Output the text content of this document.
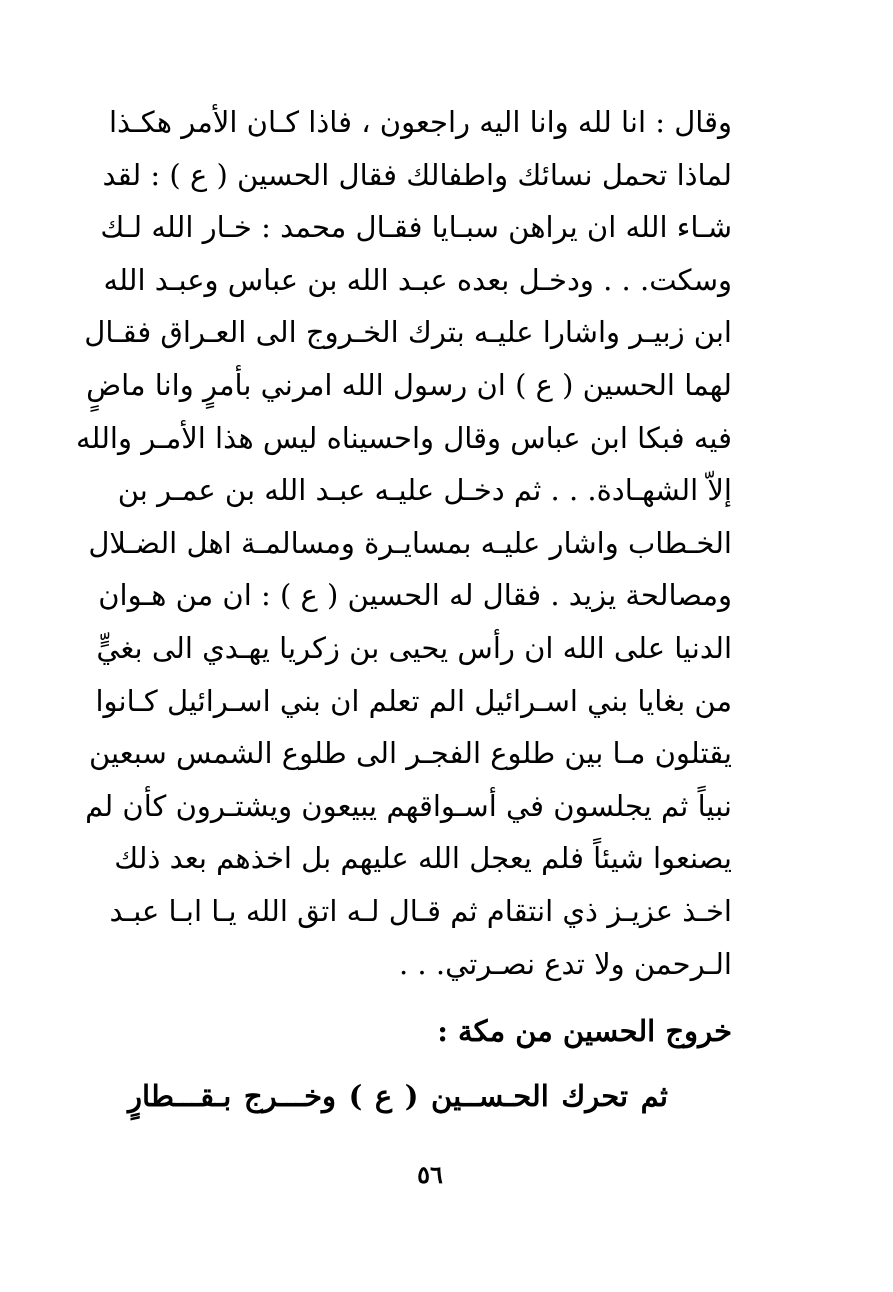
وقال : انا لله وانا اليه راجعون ، فاذا كـان الأمر هكـذا
لماذا تحمل نسائك واطفالك فقال الحسين ( ع ) : لقد
شـاء الله ان يراهن سبـايا فقـال محمد : خـار الله لـك
وسكت. . . ودخـل بعده عبـد الله بن عباس وعبـد الله
ابن زبيـر واشارا عليـه بترك الخـروج الى العـراق فقـال
لهما الحسين ( ع ) ان رسول الله امرني بأمرٍ وانا ماضٍ
فيه فبكا ابن عباس وقال واحسيناه ليس هذا الأمـر والله
إلاّ الشهـادة. . . ثم دخـل عليـه عبـد الله بن عمـر بن
الخـطاب واشار عليـه بمسايـرة ومسالمـة اهل الضـلال
ومصالحة يزيد . فقال له الحسين ( ع ) : ان من هـوان
الدنيا على الله ان رأس يحيى بن زكريا يهـدي الى بغيٍّ
من بغايا بني اسـرائيل الم تعلم ان بني اسـرائيل كـانوا
يقتلون مـا بين طلوع الفجـر الى طلوع الشمس سبعين
نبياً ثم يجلسون في أسـواقهم يبيعون ويشتـرون كأن لم
يصنعوا شيئاً فلم يعجل الله عليهم بل اخذهم بعد ذلك
اخـذ عزيـز ذي انتقام ثم قـال لـه اتق الله يـا ابـا عبـد
الـرحمن ولا تدع نصـرتي. . .
خروج الحسين من مكة :

ثم تحرك الحـســين ( ع ) وخـــرج بـقـــطارٍ

٥٦
